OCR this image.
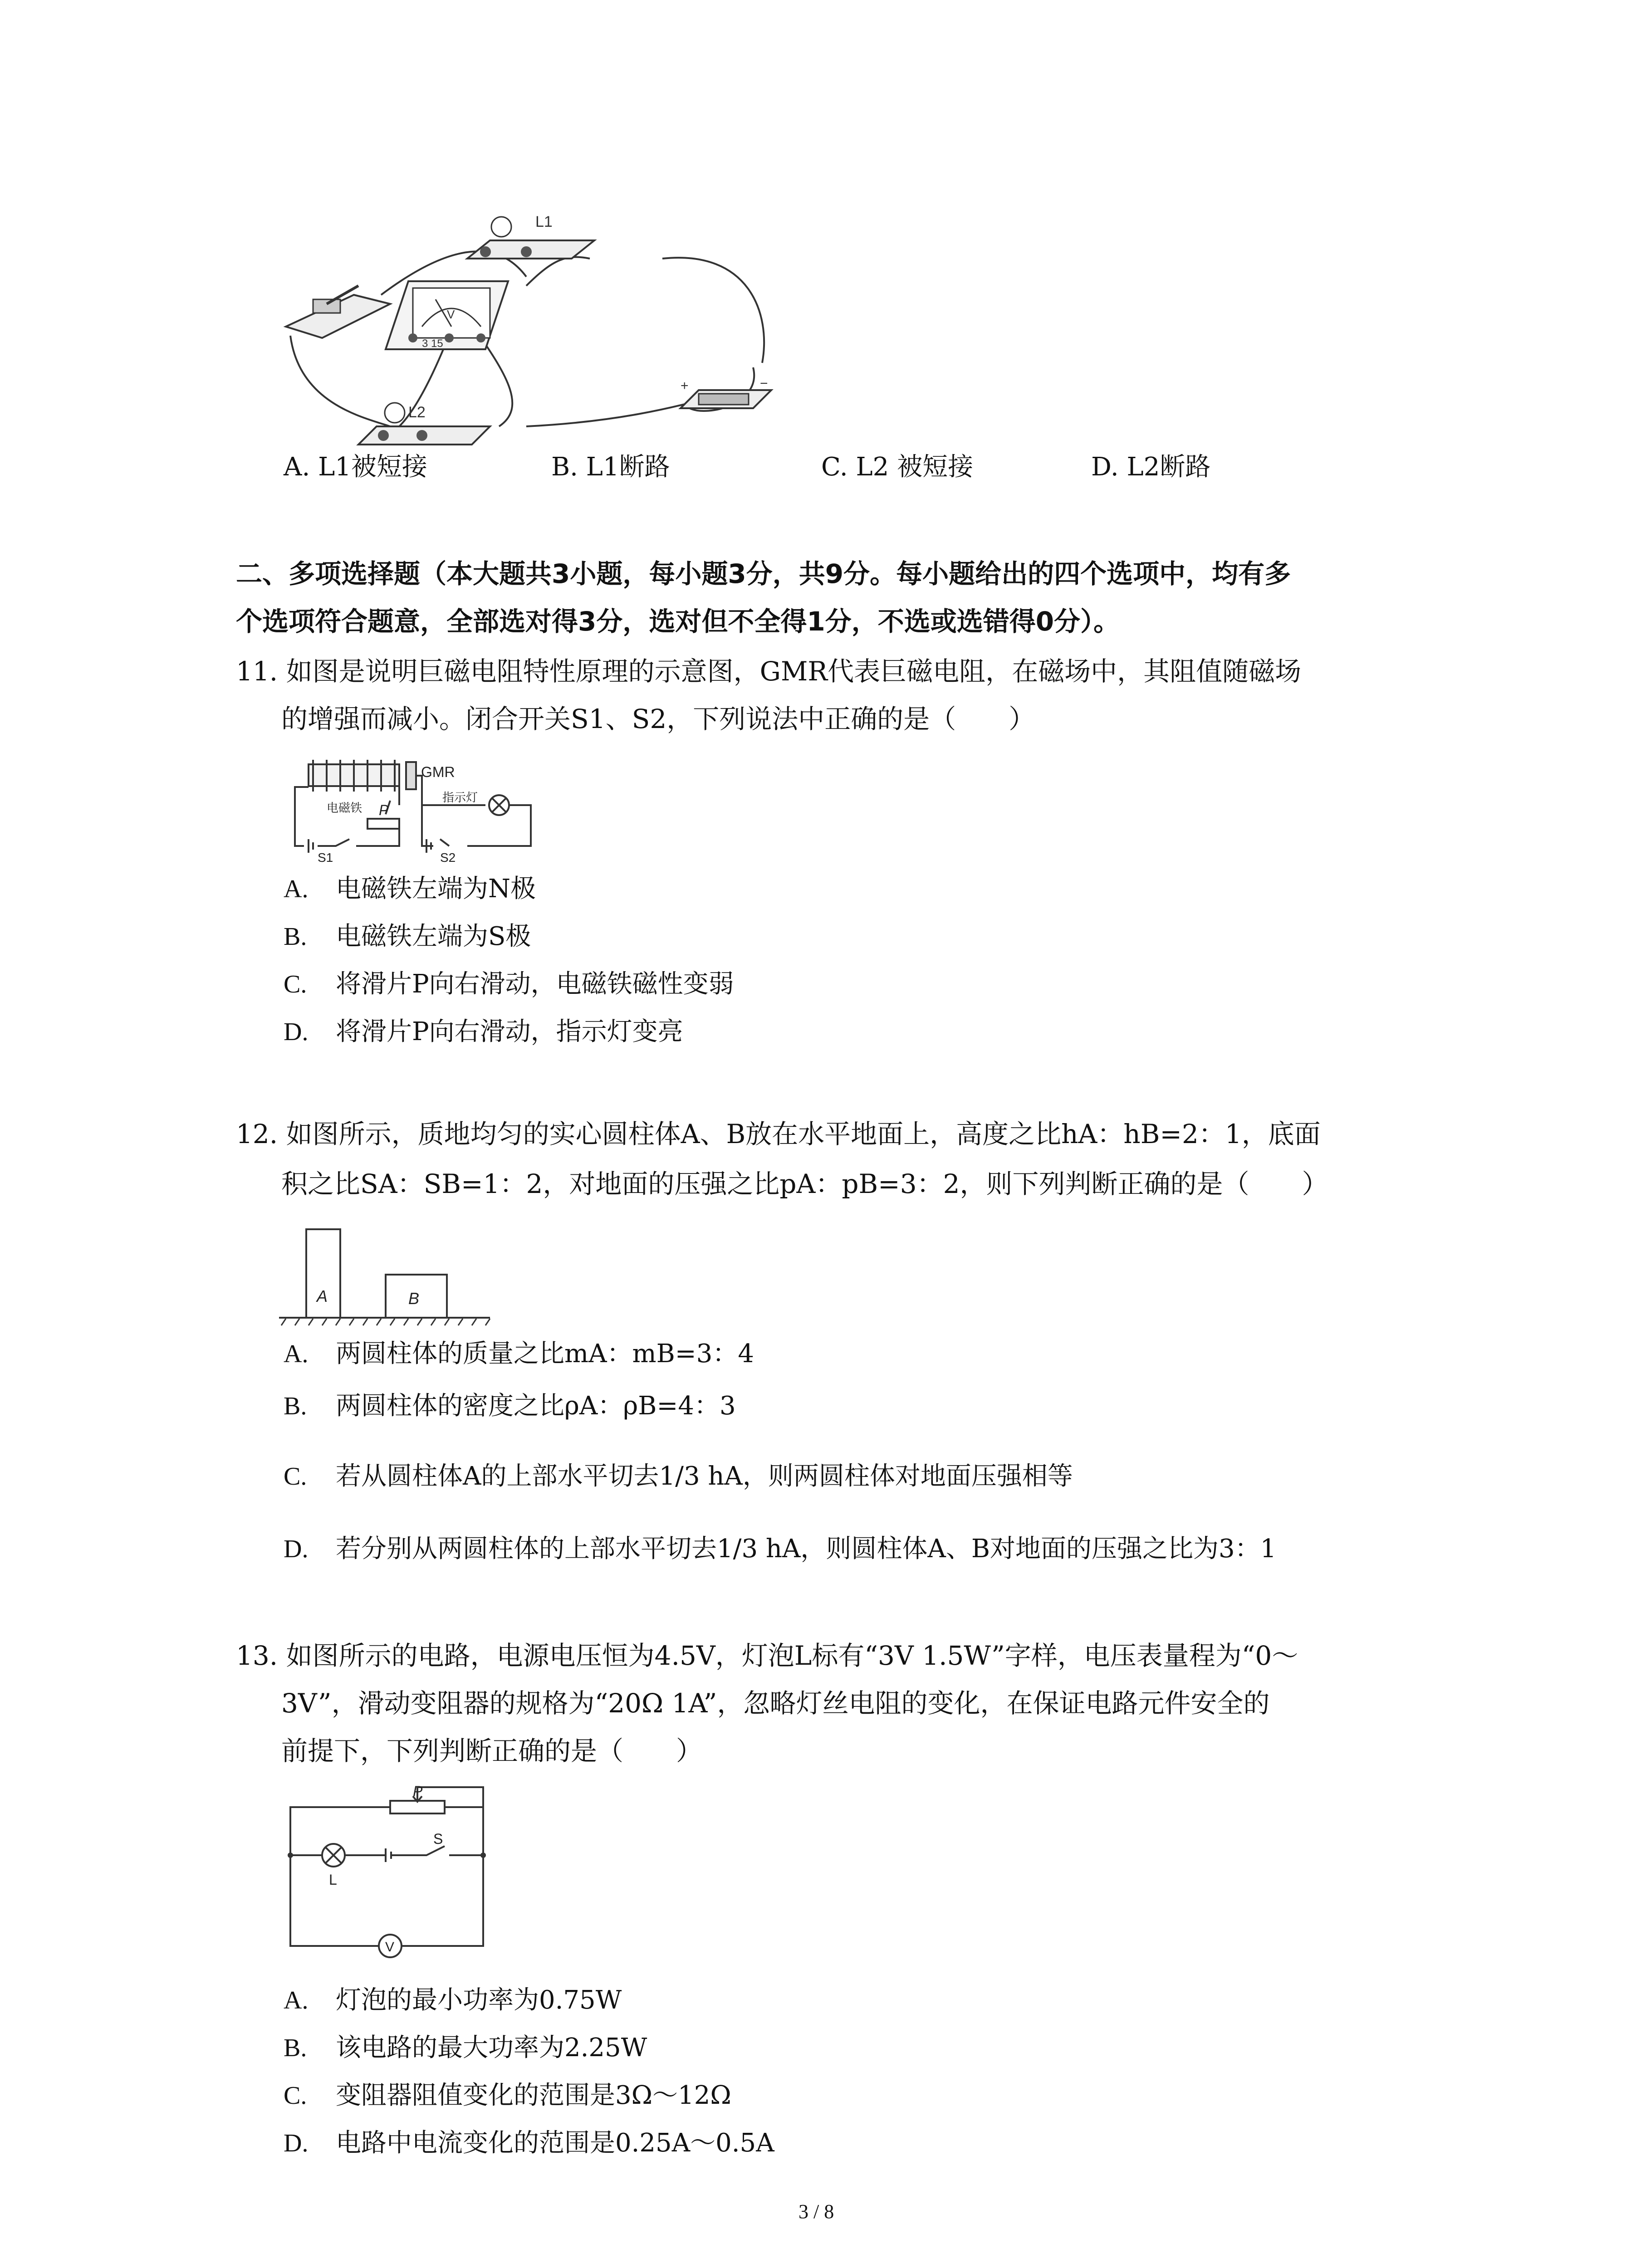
V
3 15
L1
L2
+	−
A. L1被短接	B. L1断路	C. L2 被短接	D. L2断路
二、多项选择题（本大题共3小题，每小题3分，共9分。每小题给出的四个选项中，均有多
个选项符合题意，全部选对得3分，选对但不全得1分，不选或选错得0分）。
11. 如图是说明巨磁电阻特性原理的示意图，GMR代表巨磁电阻，在磁场中，其阻值随磁场
的增强而减小。闭合开关S1、S2，下列说法中正确的是（　　）
GMR
电磁铁 P
指示灯
S1	S2
A. 电磁铁左端为N极
B. 电磁铁左端为S极
C. 将滑片P向右滑动，电磁铁磁性变弱
D. 将滑片P向右滑动，指示灯变亮
12. 如图所示，质地均匀的实心圆柱体A、B放在水平地面上，高度之比hA：hB=2：1，底面
积之比SA：SB=1：2，对地面的压强之比pA：pB=3：2，则下列判断正确的是（　　）
A	B
A. 两圆柱体的质量之比mA：mB=3：4
B. 两圆柱体的密度之比ρA：ρB=4：3
C. 若从圆柱体A的上部水平切去1/3 hA，则两圆柱体对地面压强相等
D. 若分别从两圆柱体的上部水平切去1/3 hA，则圆柱体A、B对地面的压强之比为3：1
13. 如图所示的电路，电源电压恒为4.5V，灯泡L标有“3V 1.5W”字样，电压表量程为“0～
3V”，滑动变阻器的规格为“20Ω 1A”，忽略灯丝电阻的变化，在保证电路元件安全的
前提下，下列判断正确的是（　　）
P
S
L
V
A. 灯泡的最小功率为0.75W
B. 该电路的最大功率为2.25W
C. 变阻器阻值变化的范围是3Ω～12Ω
D. 电路中电流变化的范围是0.25A～0.5A
3 / 8
